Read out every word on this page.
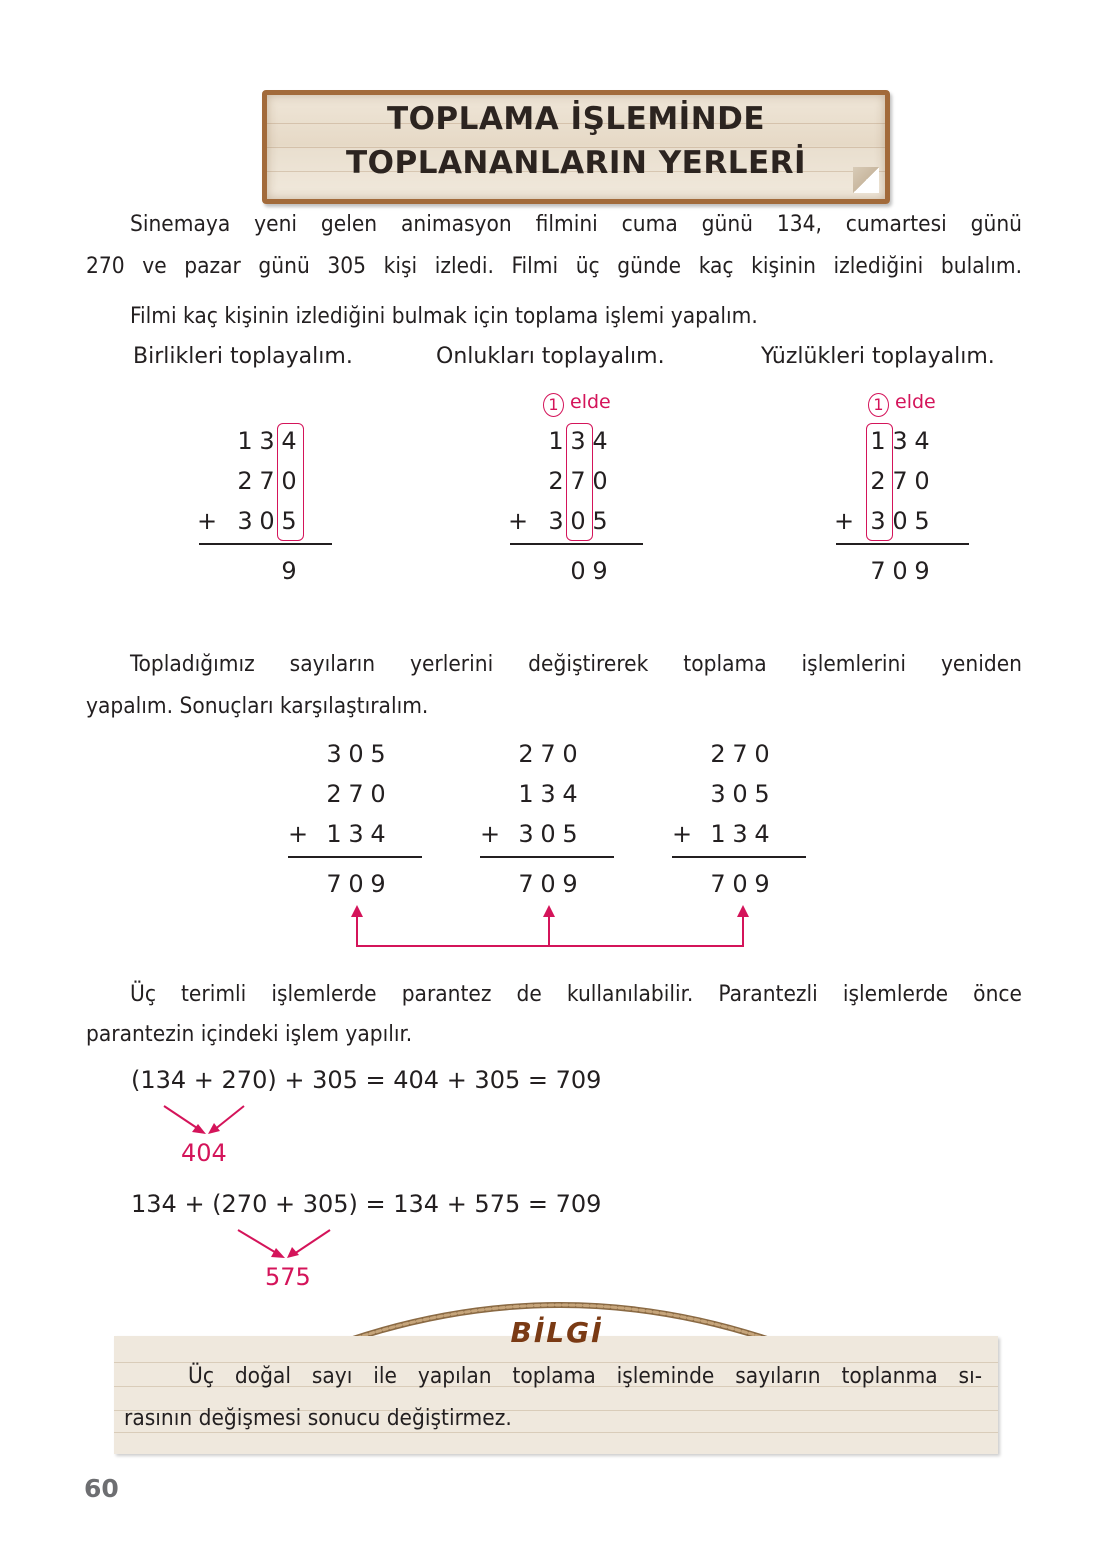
TOPLAMA İŞLEMİNDE
TOPLANANLARIN YERLERİ
Sinemaya yeni gelen animasyon filmini cuma günü 134, cumartesi günü
270 ve pazar günü 305 kişi izledi. Filmi üç günde kaç kişinin izlediğini bulalım.
Filmi kaç kişinin izlediğini bulmak için toplama işlemi yapalım.
Birlikleri toplayalım.	Onlukları toplayalım.	Yüzlükleri toplayalım.
1 3 4
2 7 0
+ 3 0 5
9
1 elde
1 3 4
2 7 0
+ 3 0 5
0 9
1 elde
1 3 4
2 7 0
+ 3 0 5
7 0 9
Topladığımız sayıların yerlerini değiştirerek toplama işlemlerini yeniden
yapalım. Sonuçları karşılaştıralım.
3 0 5
2 7 0
+ 1 3 4
7 0 9
2 7 0
1 3 4
+ 3 0 5
7 0 9
2 7 0
3 0 5
+ 1 3 4
7 0 9
Üç terimli işlemlerde parantez de kullanılabilir. Parantezli işlemlerde önce
parantezin içindeki işlem yapılır.
(134 + 270) + 305 = 404 + 305 = 709
404
134 + (270 + 305) = 134 + 575 = 709
575
BİLGİ
Üç doğal sayı ile yapılan toplama işleminde sayıların toplanma sı-
rasının değişmesi sonucu değiştirmez.
60
